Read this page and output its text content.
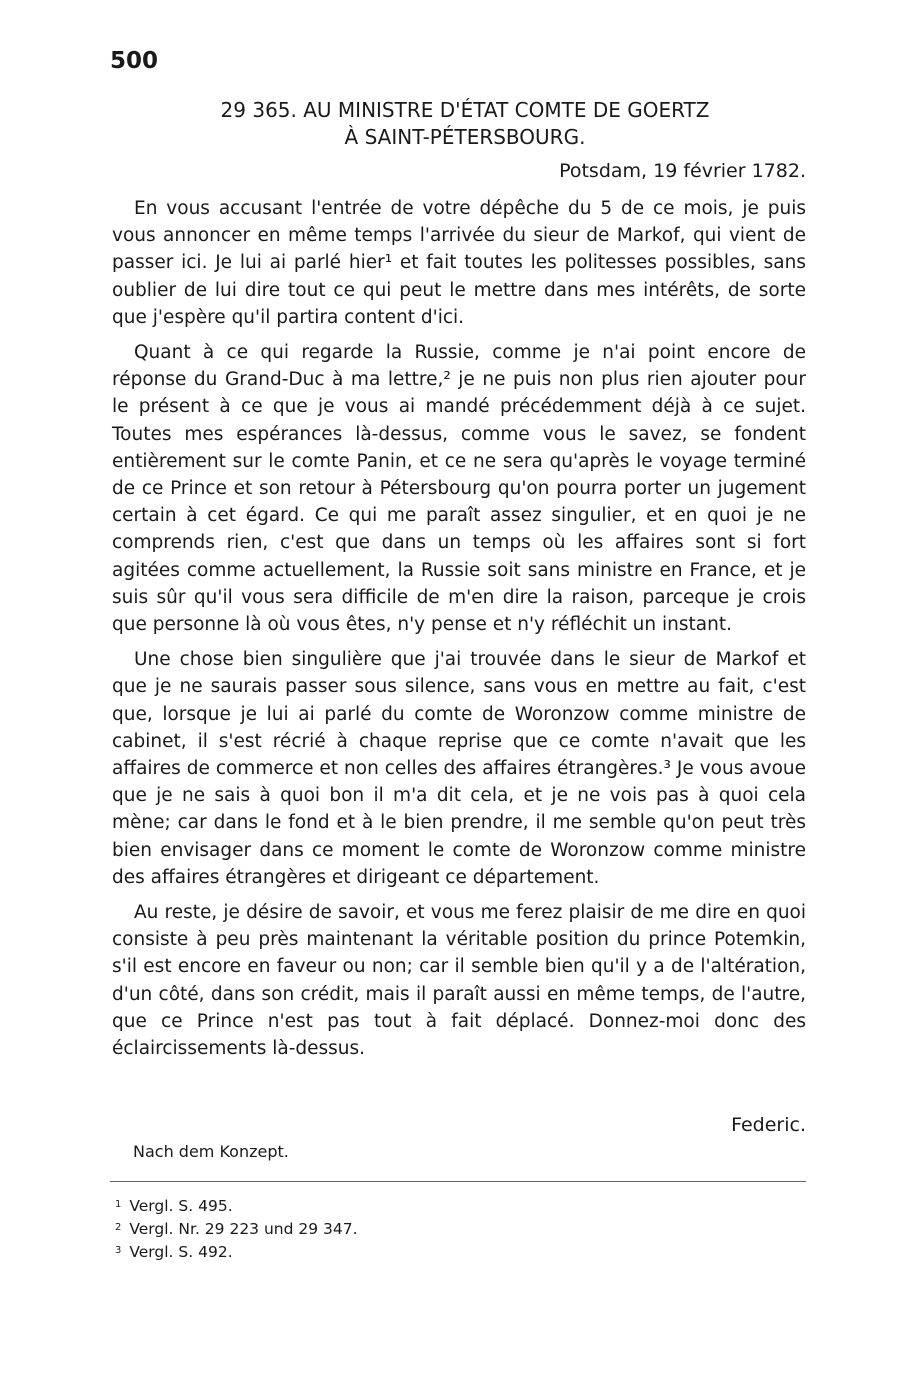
500
29 365. AU MINISTRE D'ÉTAT COMTE DE GOERTZ
À SAINT-PÉTERSBOURG.
Potsdam, 19 février 1782.

En vous accusant l'entrée de votre dépêche du 5 de ce mois, je puis vous annoncer en même temps l'arrivée du sieur de Markof, qui vient de passer ici. Je lui ai parlé hier¹ et fait toutes les politesses possibles, sans oublier de lui dire tout ce qui peut le mettre dans mes intérêts, de sorte que j'espère qu'il partira content d'ici.

Quant à ce qui regarde la Russie, comme je n'ai point encore de réponse du Grand-Duc à ma lettre,² je ne puis non plus rien ajouter pour le présent à ce que je vous ai mandé précédemment déjà à ce sujet. Toutes mes espérances là-dessus, comme vous le savez, se fondent entièrement sur le comte Panin, et ce ne sera qu'après le voyage terminé de ce Prince et son retour à Pétersbourg qu'on pourra porter un jugement certain à cet égard. Ce qui me paraît assez singulier, et en quoi je ne comprends rien, c'est que dans un temps où les affaires sont si fort agitées comme actuellement, la Russie soit sans ministre en France, et je suis sûr qu'il vous sera difficile de m'en dire la raison, parceque je crois que personne là où vous êtes, n'y pense et n'y réfléchit un instant.

Une chose bien singulière que j'ai trouvée dans le sieur de Markof et que je ne saurais passer sous silence, sans vous en mettre au fait, c'est que, lorsque je lui ai parlé du comte de Woronzow comme ministre de cabinet, il s'est récrié à chaque reprise que ce comte n'avait que les affaires de commerce et non celles des affaires étrangères.³ Je vous avoue que je ne sais à quoi bon il m'a dit cela, et je ne vois pas à quoi cela mène; car dans le fond et à le bien prendre, il me semble qu'on peut très bien envisager dans ce moment le comte de Woronzow comme ministre des affaires étrangères et dirigeant ce département.

Au reste, je désire de savoir, et vous me ferez plaisir de me dire en quoi consiste à peu près maintenant la véritable position du prince Potemkin, s'il est encore en faveur ou non; car il semble bien qu'il y a de l'altération, d'un côté, dans son crédit, mais il paraît aussi en même temps, de l'autre, que ce Prince n'est pas tout à fait déplacé. Donnez-moi donc des éclaircissements là-dessus.

Federic.
Nach dem Konzept.
$^1$ Vergl. S. 495.
$^2$ Vergl. Nr. 29 223 und 29 347.
$^3$ Vergl. S. 492.
